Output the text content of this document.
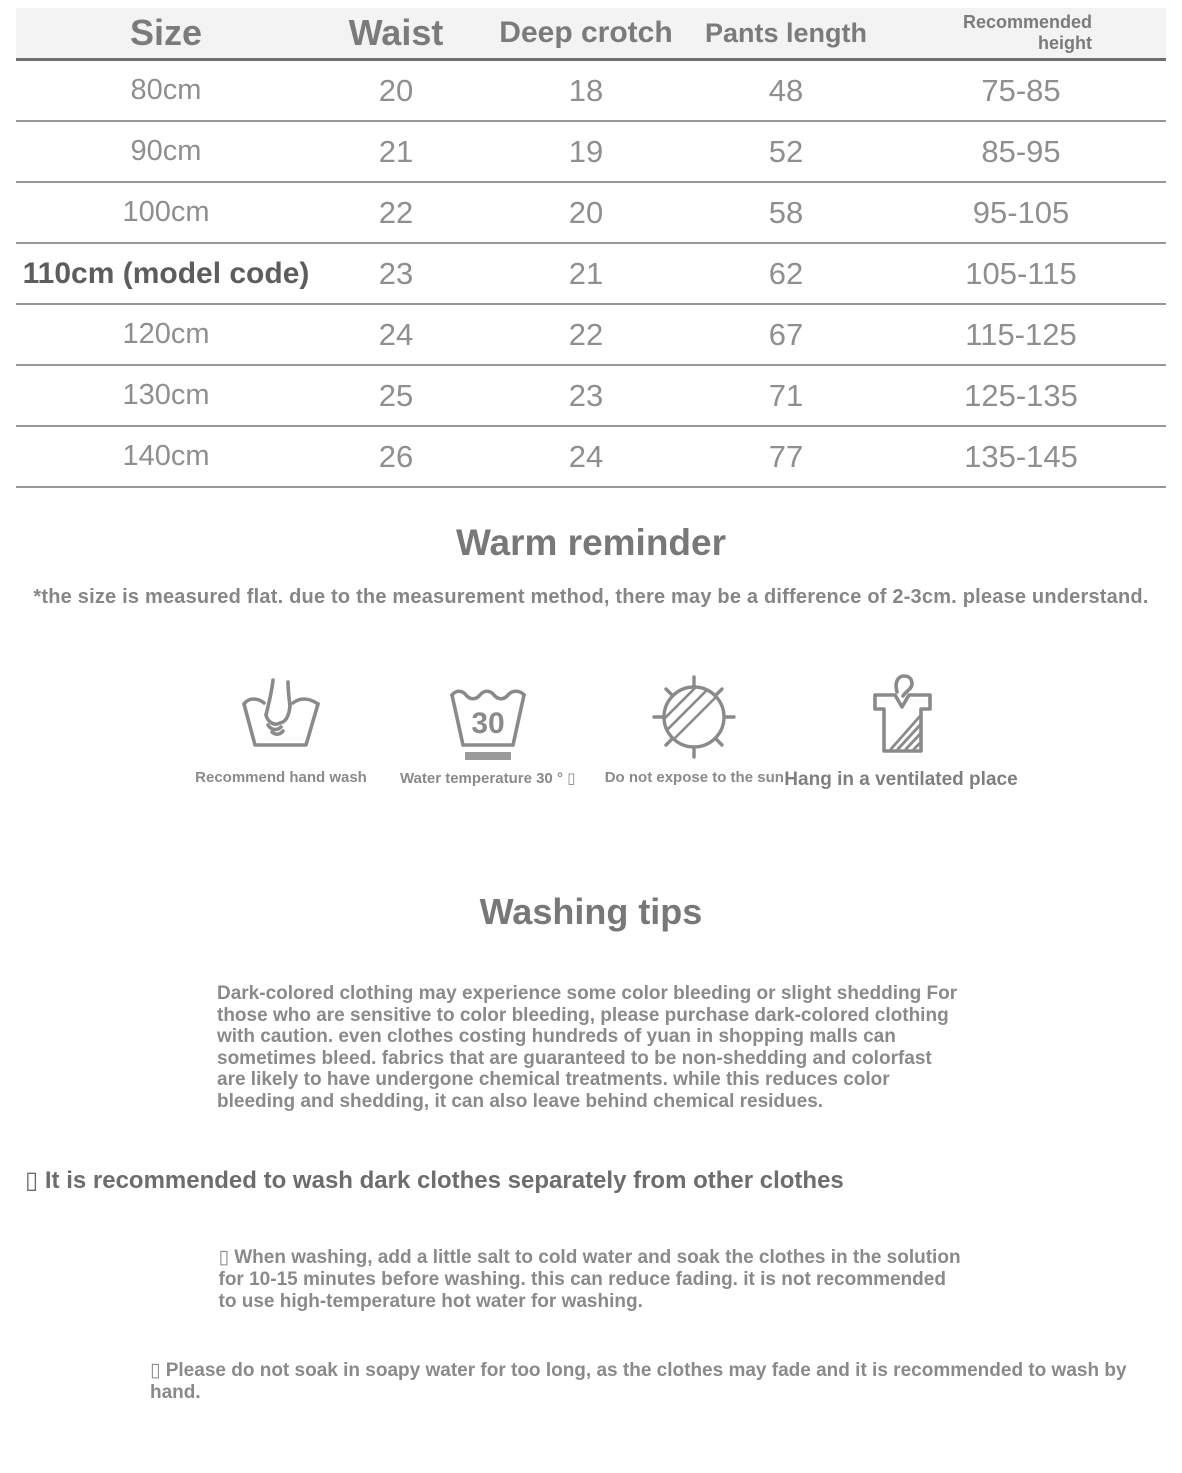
Size	Waist	Deep crotch	Pants length	Recommended height
80cm	20	18	48	75-85
90cm	21	19	52	85-95
100cm	22	20	58	95-105
110cm (model code)	23	21	62	105-115
120cm	24	22	67	115-125
130cm	25	23	71	125-135
140cm	26	24	77	135-145
Warm reminder
*the size is measured flat. due to the measurement method, there may be a difference of 2-3cm. please understand.
Recommend hand wash
30
Water temperature 30 ° ▯ Do not expose to the sun Hang in a ventilated place
Washing tips
Dark-colored clothing may experience some color bleeding or slight shedding For those who are sensitive to color bleeding, please purchase dark-colored clothing with caution. even clothes costing hundreds of yuan in shopping malls can sometimes bleed. fabrics that are guaranteed to be non-shedding and colorfast are likely to have undergone chemical treatments. while this reduces color bleeding and shedding, it can also leave behind chemical residues.
▯ It is recommended to wash dark clothes separately from other clothes
▯ When washing, add a little salt to cold water and soak the clothes in the solution for 10-15 minutes before washing. this can reduce fading. it is not recommended to use high-temperature hot water for washing.
▯ Please do not soak in soapy water for too long, as the clothes may fade and it is recommended to wash by hand.
